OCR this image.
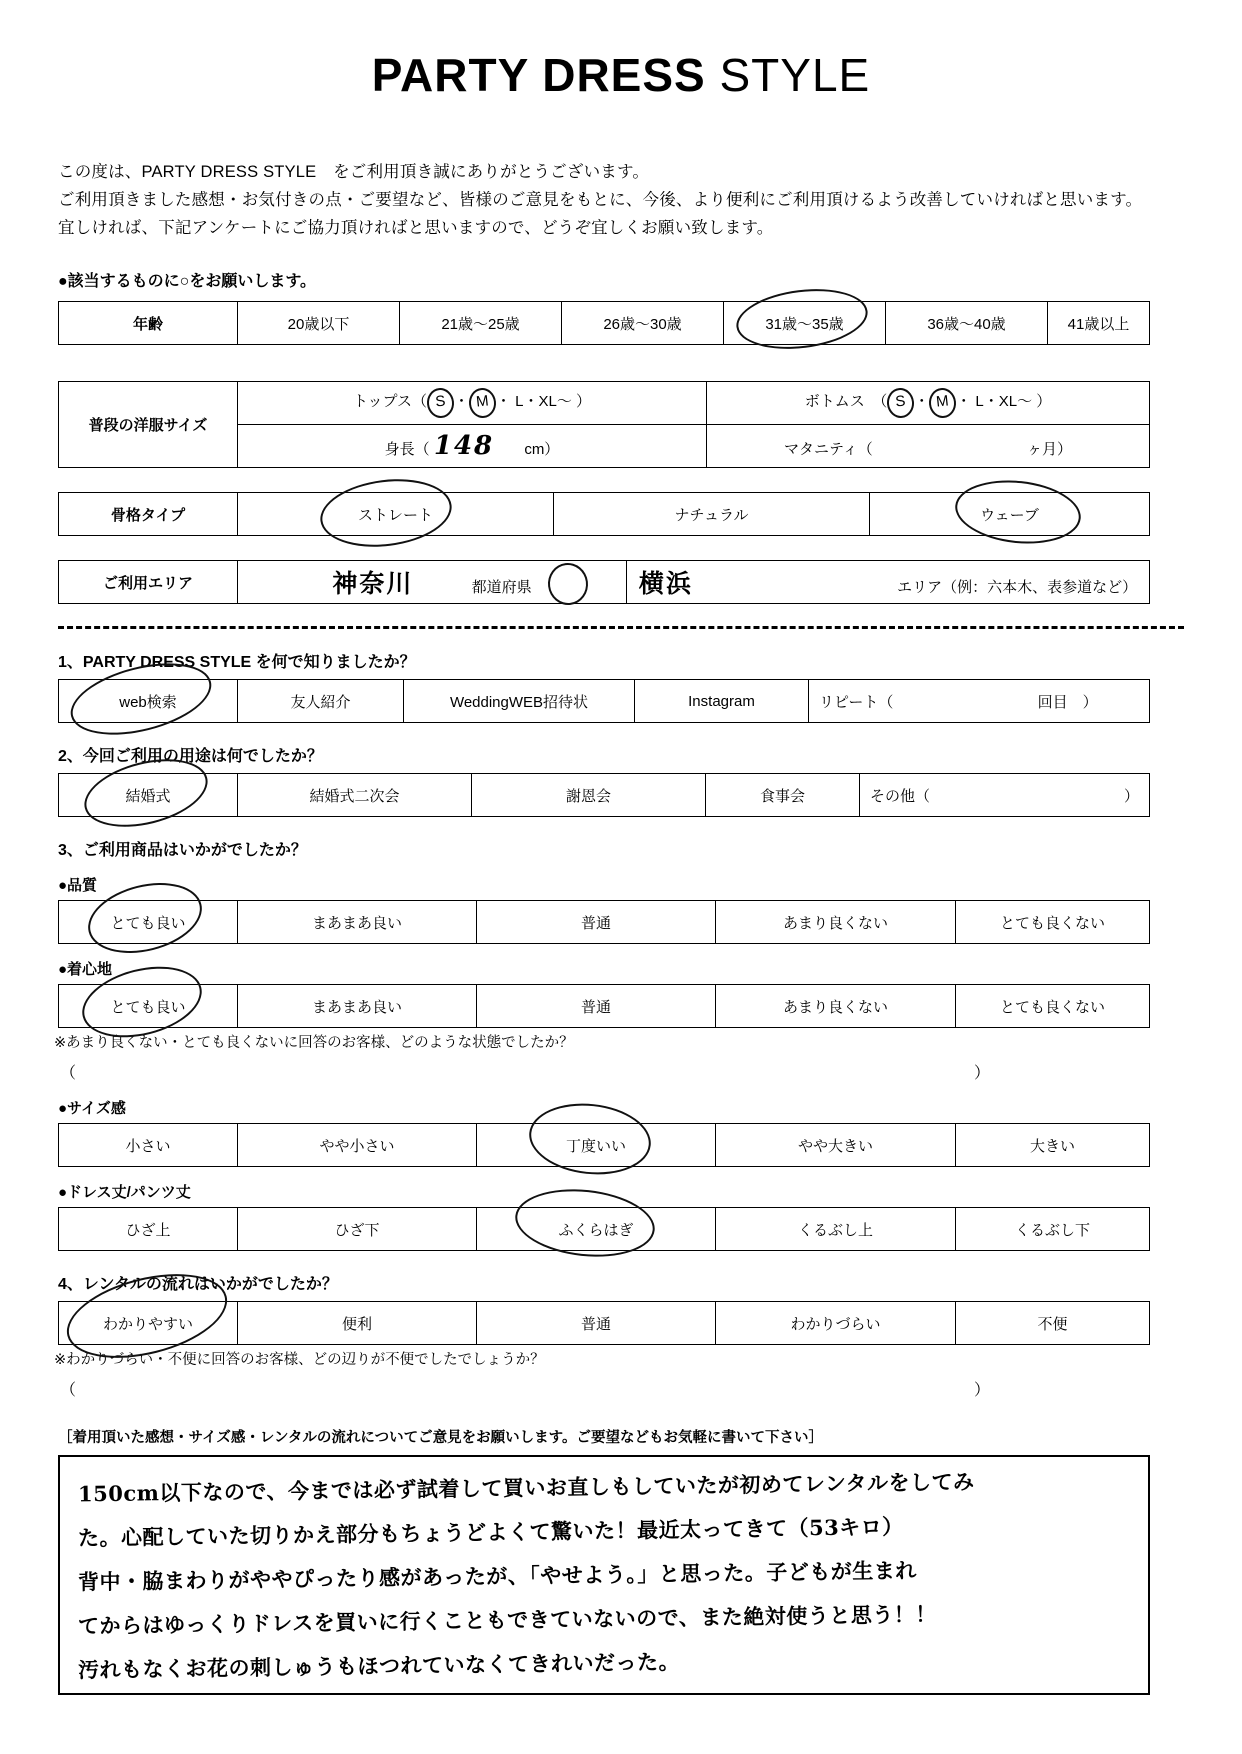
PARTY DRESS STYLE
この度は、PARTY DRESS STYLE　をご利用頂き誠にありがとうございます。
ご利用頂きました感想・お気付きの点・ご要望など、皆様のご意見をもとに、今後、より便利にご利用頂けるよう改善していければと思います。
宜しければ、下記アンケートにご協力頂ければと思いますので、どうぞ宜しくお願い致します。
●該当するものに○をお願いします。
年齢	20歳以下	21歳〜25歳	26歳〜30歳	31歳〜35歳	36歳〜40歳	41歳以上
普段の洋服サイズ	トップス（ S ・ M ・ L・XL〜 ）	ボトムス　（ S ・ M ・ L・XL〜 ）
	身長（ 148 cm）	マタニティ（ ヶ月）
骨格タイプ	ストレート	ナチュラル	ウェーブ
ご利用エリア	神奈川	都道府県	横浜	エリア（例：六本木、表参道など）
1、PARTY DRESS STYLE を何で知りましたか？
web検索	友人紹介	WeddingWEB招待状	Instagram	リピート（	回目　）
2、今回ご利用の用途は何でしたか？
結婚式	結婚式二次会	謝恩会	食事会	その他（	）
3、ご利用商品はいかがでしたか？
●品質
とても良い	まあまあ良い	普通	あまり良くない	とても良くない
●着心地
とても良い	まあまあ良い	普通	あまり良くない	とても良くない
※あまり良くない・とても良くないに回答のお客様、どのような状態でしたか？
（	）
●サイズ感
小さい	やや小さい	丁度いい	やや大きい	大きい
●ドレス丈/パンツ丈
ひざ上	ひざ下	ふくらはぎ	くるぶし上	くるぶし下
4、レンタルの流れはいかがでしたか？
わかりやすい	便利	普通	わかりづらい	不便
※わかりづらい・不便に回答のお客様、どの辺りが不便でしたでしょうか？
（	）
［着用頂いた感想・サイズ感・レンタルの流れについてご意見をお願いします。ご要望などもお気軽に書いて下さい］
150cm以下なので、今までは必ず試着して買いお直しもしていたが初めてレンタルをしてみ
た。心配していた切りかえ部分もちょうどよくて驚いた！最近太ってきて（53キロ）
背中・脇まわりがややぴったり感があったが、「やせよう。」と思った。子どもが生まれ
てからはゆっくりドレスを買いに行くこともできていないので、また絶対使うと思う！！
汚れもなくお花の刺しゅうもほつれていなくてきれいだった。
